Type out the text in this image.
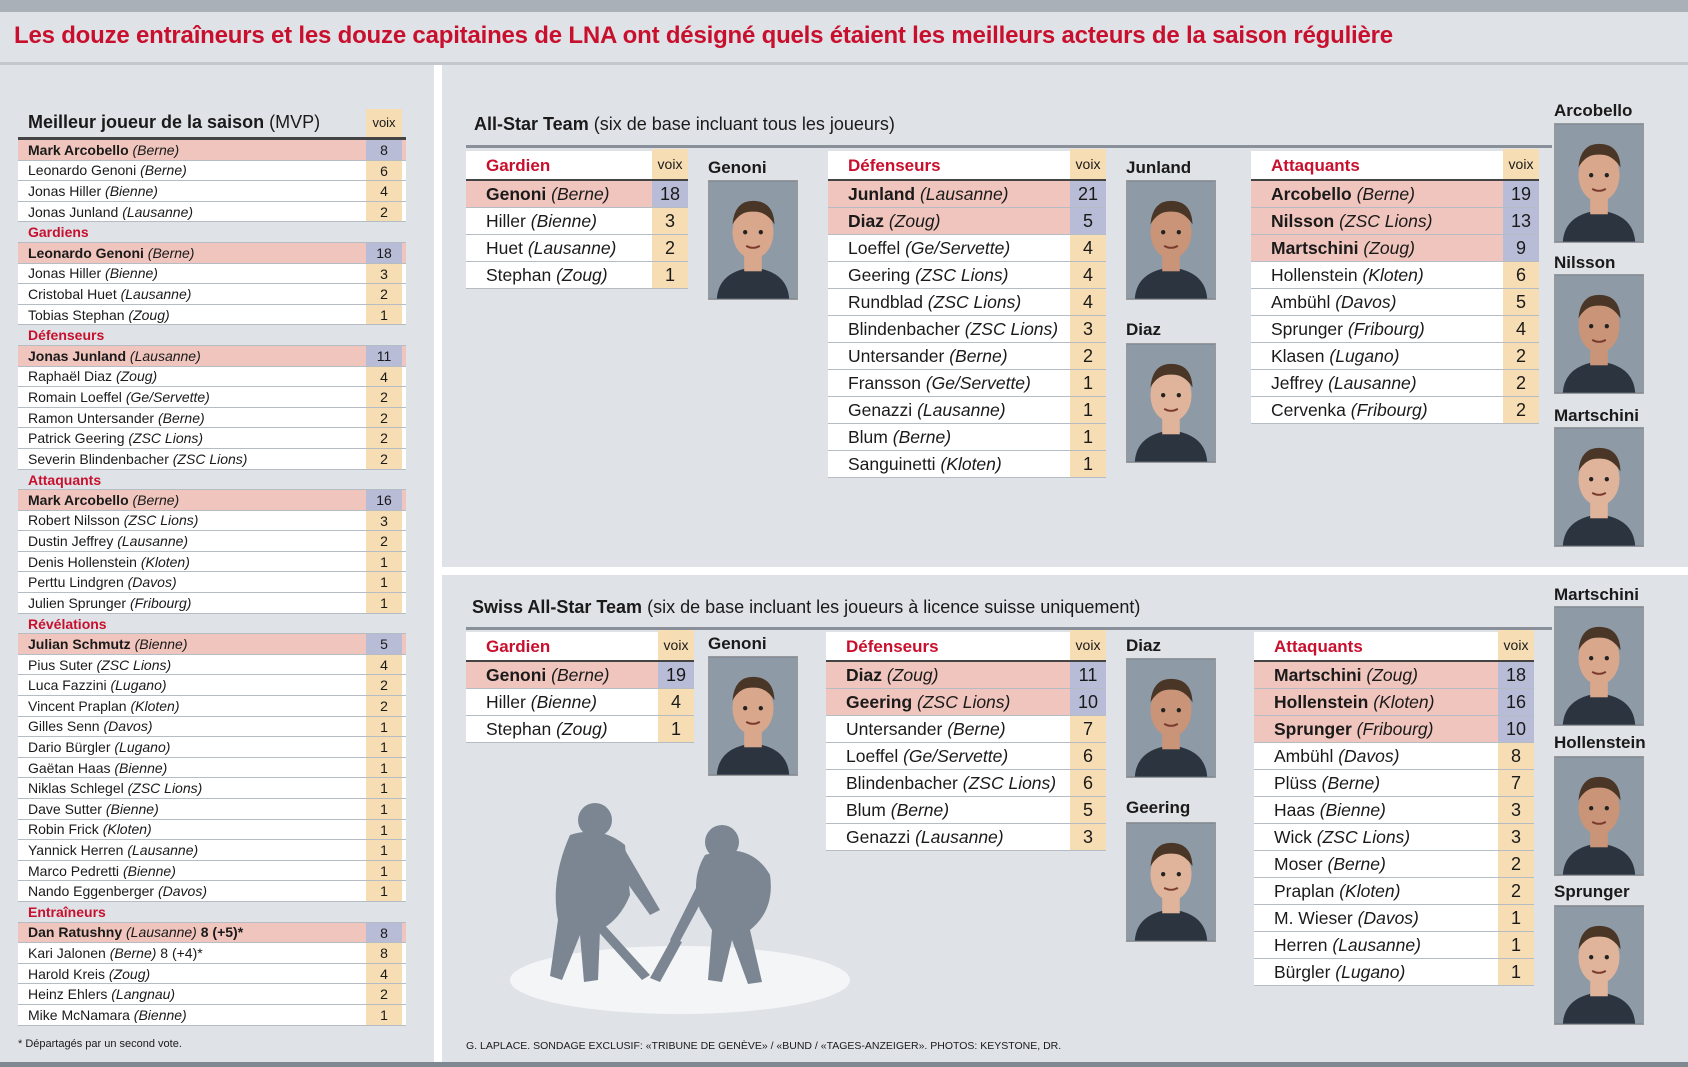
Les douze entraîneurs et les douze capitaines de LNA ont désigné quels étaient les meilleurs acteurs de la saison régulière
Meilleur joueur de la saison (MVP)	voix
Mark Arcobello (Berne)	8
Leonardo Genoni (Berne)	6
Jonas Hiller (Bienne)	4
Jonas Junland (Lausanne)	2
Gardiens
Leonardo Genoni (Berne)	18
Jonas Hiller (Bienne)	3
Cristobal Huet (Lausanne)	2
Tobias Stephan (Zoug)	1
Défenseurs
Jonas Junland (Lausanne)	11
Raphaël Diaz (Zoug)	4
Romain Loeffel (Ge/Servette)	2
Ramon Untersander (Berne)	2
Patrick Geering (ZSC Lions)	2
Severin Blindenbacher (ZSC Lions)	2
Attaquants
Mark Arcobello (Berne)	16
Robert Nilsson (ZSC Lions)	3
Dustin Jeffrey (Lausanne)	2
Denis Hollenstein (Kloten)	1
Perttu Lindgren (Davos)	1
Julien Sprunger (Fribourg)	1
Révélations
Julian Schmutz (Bienne)	5
Pius Suter (ZSC Lions)	4
Luca Fazzini (Lugano)	2
Vincent Praplan (Kloten)	2
Gilles Senn (Davos)	1
Dario Bürgler (Lugano)	1
Gaëtan Haas (Bienne)	1
Niklas Schlegel (ZSC Lions)	1
Dave Sutter (Bienne)	1
Robin Frick (Kloten)	1
Yannick Herren (Lausanne)	1
Marco Pedretti (Bienne)	1
Nando Eggenberger (Davos)	1
Entraîneurs
Dan Ratushny (Lausanne) 8 (+5)*	8
Kari Jalonen (Berne) 8 (+4)*	8
Harold Kreis (Zoug)	4
Heinz Ehlers (Langnau)	2
Mike McNamara (Bienne)	1
* Départagés par un second vote.
All-Star Team (six de base incluant tous les joueurs)
Gardien	voix
Genoni (Berne)	18
Hiller (Bienne)	3
Huet (Lausanne)	2
Stephan (Zoug)	1
Défenseurs	voix
Junland (Lausanne)	21
Diaz (Zoug)	5
Loeffel (Ge/Servette)	4
Geering (ZSC Lions)	4
Rundblad (ZSC Lions)	4
Blindenbacher (ZSC Lions)	3
Untersander (Berne)	2
Fransson (Ge/Servette)	1
Genazzi (Lausanne)	1
Blum (Berne)	1
Sanguinetti (Kloten)	1
Attaquants	voix
Arcobello (Berne)	19
Nilsson (ZSC Lions)	13
Martschini (Zoug)	9
Hollenstein (Kloten)	6
Ambühl (Davos)	5
Sprunger (Fribourg)	4
Klasen (Lugano)	2
Jeffrey (Lausanne)	2
Cervenka (Fribourg)	2
Genoni	Junland
Diaz
Arcobello
Nilsson
Martschini
Swiss All-Star Team (six de base incluant les joueurs à licence suisse uniquement)
Gardien	voix
Genoni (Berne)	19
Hiller (Bienne)	4
Stephan (Zoug)	1
Défenseurs	voix
Diaz (Zoug)	11
Geering (ZSC Lions)	10
Untersander (Berne)	7
Loeffel (Ge/Servette)	6
Blindenbacher (ZSC Lions)	6
Blum (Berne)	5
Genazzi (Lausanne)	3
Attaquants	voix
Martschini (Zoug)	18
Hollenstein (Kloten)	16
Sprunger (Fribourg)	10
Ambühl (Davos)	8
Plüss (Berne)	7
Haas (Bienne)	3
Wick (ZSC Lions)	3
Moser (Berne)	2
Praplan (Kloten)	2
M. Wieser (Davos)	1
Herren (Lausanne)	1
Bürgler (Lugano)	1
Genoni	Diaz
Geering
Martschini
Hollenstein
Sprunger
G. LAPLACE. SONDAGE EXCLUSIF: «TRIBUNE DE GENÈVE» / «BUND / «TAGES-ANZEIGER». PHOTOS: KEYSTONE, DR.
